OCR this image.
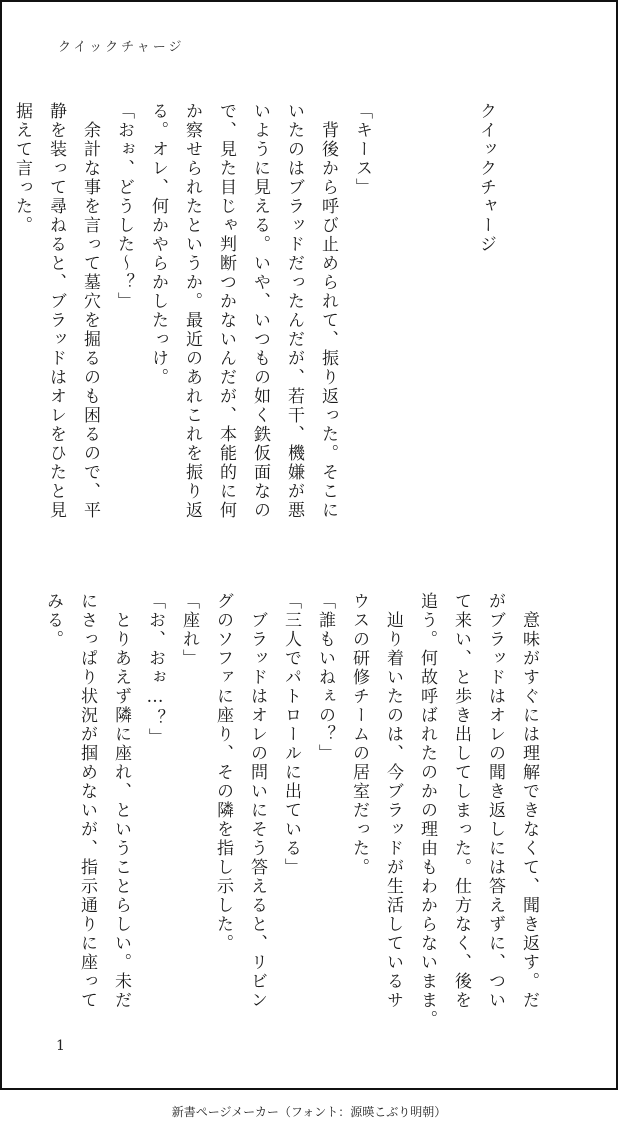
クイックチャージ

クイックチャージ

「キース」
　背後から呼び止められて、振り返った。そこに
いたのはブラッドだったんだが、若干、機嫌が悪
いように見える。いや、いつもの如く鉄仮面なの
で、見た目じゃ判断つかないんだが、本能的に何
か察せられたというか。最近のあれこれを振り返
る。オレ、何かやらかしたっけ。
「おぉ、どうした〜？」
　余計な事を言って墓穴を掘るのも困るので、平
静を装って尋ねると、ブラッドはオレをひたと見
据えて言った。
　意味がすぐには理解できなくて、聞き返す。だ
がブラッドはオレの聞き返しには答えずに、つい
て来い、と歩き出してしまった。仕方なく、後を
追う。何故呼ばれたのかの理由もわからないまま。
　辿り着いたのは、今ブラッドが生活しているサ
ウスの研修チームの居室だった。
「誰もいねぇの？」
「三人でパトロールに出ている」
　ブラッドはオレの問いにそう答えると、リビン
グのソファに座り、その隣を指し示した。
「座れ」
「お、おぉ…？」
　とりあえず隣に座れ、ということらしい。未だ
にさっぱり状況が掴めないが、指示通りに座って
みる。
1
新書ページメーカー（フォント：源暎こぶり明朝）
